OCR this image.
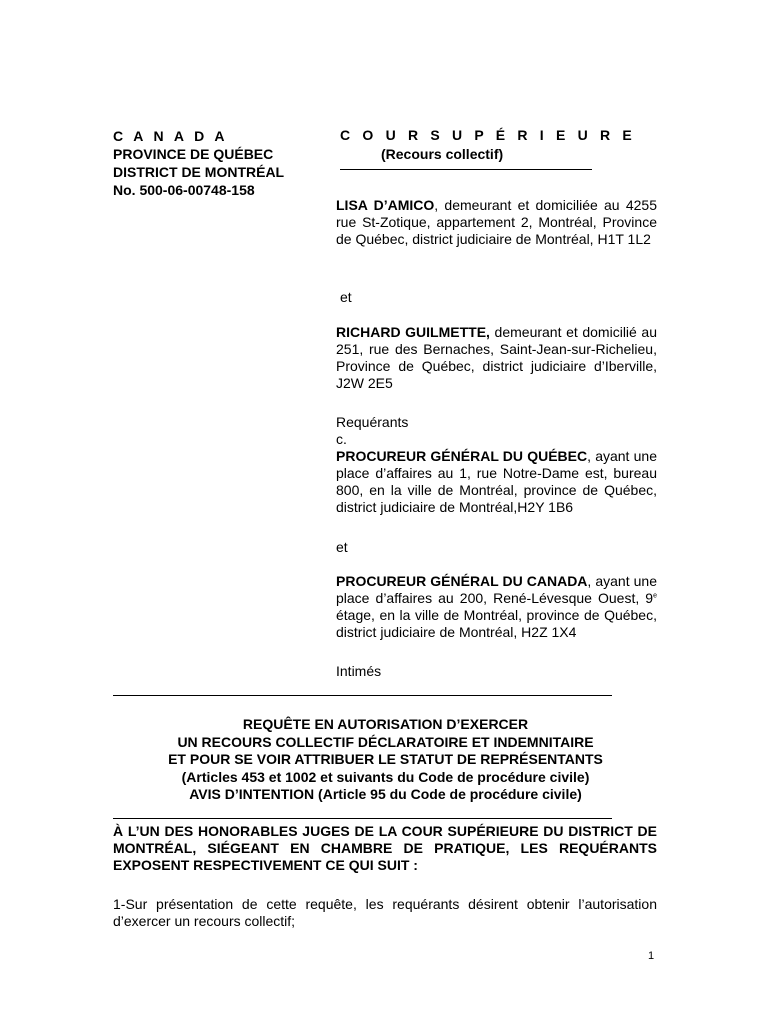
C A N A D A
PROVINCE DE QUÉBEC
DISTRICT DE MONTRÉAL
No. 500-06-00748-158
C O U R S U P É R I E U R E
(Recours collectif)
LISA D’AMICO, demeurant et domiciliée au 4255 rue St-Zotique, appartement 2, Montréal, Province de Québec, district judiciaire de Montréal, H1T 1L2
et
RICHARD GUILMETTE, demeurant et domicilié au 251, rue des Bernaches, Saint-Jean-sur-Richelieu, Province de Québec, district judiciaire d’Iberville, J2W 2E5
Requérants
c.
PROCUREUR GÉNÉRAL DU QUÉBEC, ayant une place d’affaires au 1, rue Notre-Dame est, bureau 800, en la ville de Montréal, province de Québec, district judiciaire de Montréal,H2Y 1B6
et
PROCUREUR GÉNÉRAL DU CANADA, ayant une place d’affaires au 200, René-Lévesque Ouest, 9e étage, en la ville de Montréal, province de Québec, district judiciaire de Montréal, H2Z 1X4
Intimés
REQUÊTE EN AUTORISATION D’EXERCER
UN RECOURS COLLECTIF DÉCLARATOIRE ET INDEMNITAIRE
ET POUR SE VOIR ATTRIBUER LE STATUT DE REPRÉSENTANTS
(Articles 453 et 1002 et suivants du Code de procédure civile)
AVIS D’INTENTION (Article 95 du Code de procédure civile)
À L’UN DES HONORABLES JUGES DE LA COUR SUPÉRIEURE DU DISTRICT DE MONTRÉAL, SIÉGEANT EN CHAMBRE DE PRATIQUE, LES REQUÉRANTS EXPOSENT RESPECTIVEMENT CE QUI SUIT :
1-Sur présentation de cette requête, les requérants désirent obtenir l’autorisation d’exercer un recours collectif;
1
